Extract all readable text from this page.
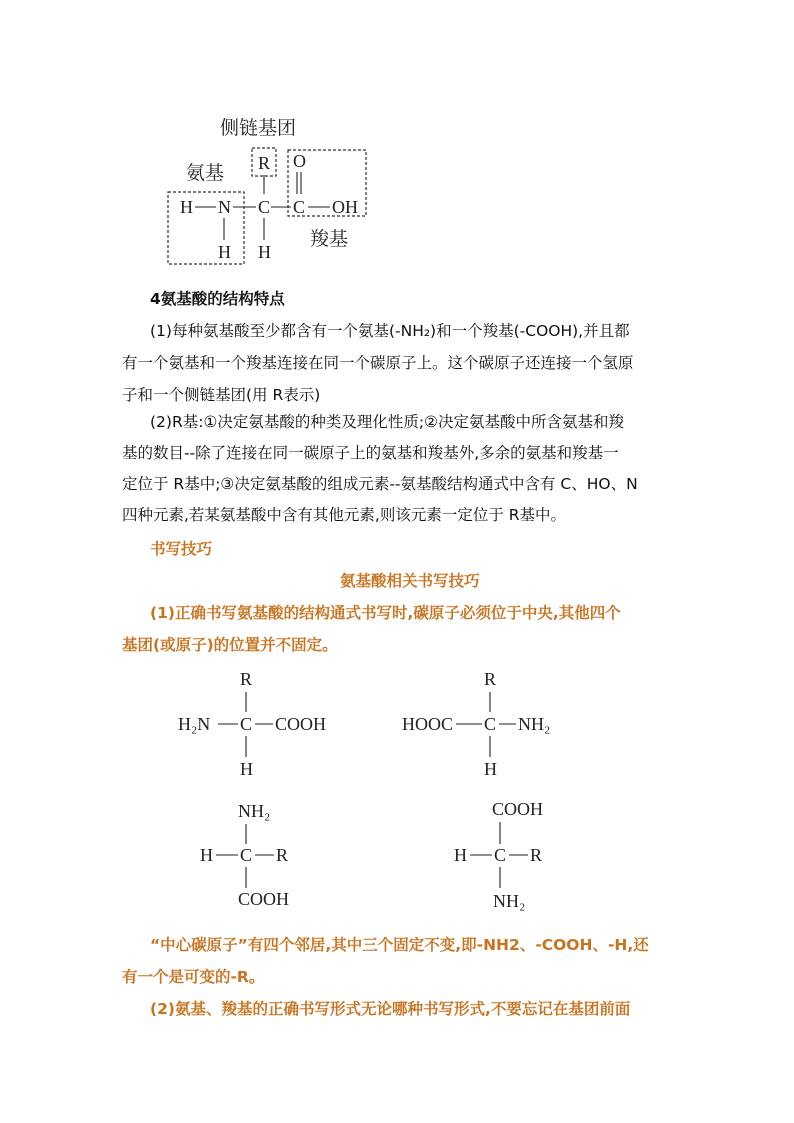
侧链基团
氨基
羧基
R O
H N C C OH
H H
4氨基酸的结构特点
(1)每种氨基酸至少都含有一个氨基(-NH₂)和一个羧基(-COOH),并且都
有一个氨基和一个羧基连接在同一个碳原子上。这个碳原子还连接一个氢原
子和一个侧链基团(用 R表示)
(2)R基:①决定氨基酸的种类及理化性质;②决定氨基酸中所含氨基和羧
基的数目--除了连接在同一碳原子上的氨基和羧基外,多余的氨基和羧基一
定位于 R基中;③决定氨基酸的组成元素--氨基酸结构通式中含有 C、HO、N
四种元素,若某氨基酸中含有其他元素,则该元素一定位于 R基中。
书写技巧
氨基酸相关书写技巧
(1)正确书写氨基酸的结构通式书写时,碳原子必须位于中央,其他四个
基团(或原子)的位置并不固定。
R
H₂N C COOH
H
R
HOOC C NH₂
H
NH₂
H C R
COOH
COOH
H C R
NH₂
“中心碳原子”有四个邻居,其中三个固定不变,即-NH2、-COOH、-H,还
有一个是可变的-R。
(2)氨基、羧基的正确书写形式无论哪种书写形式,不要忘记在基团前面
